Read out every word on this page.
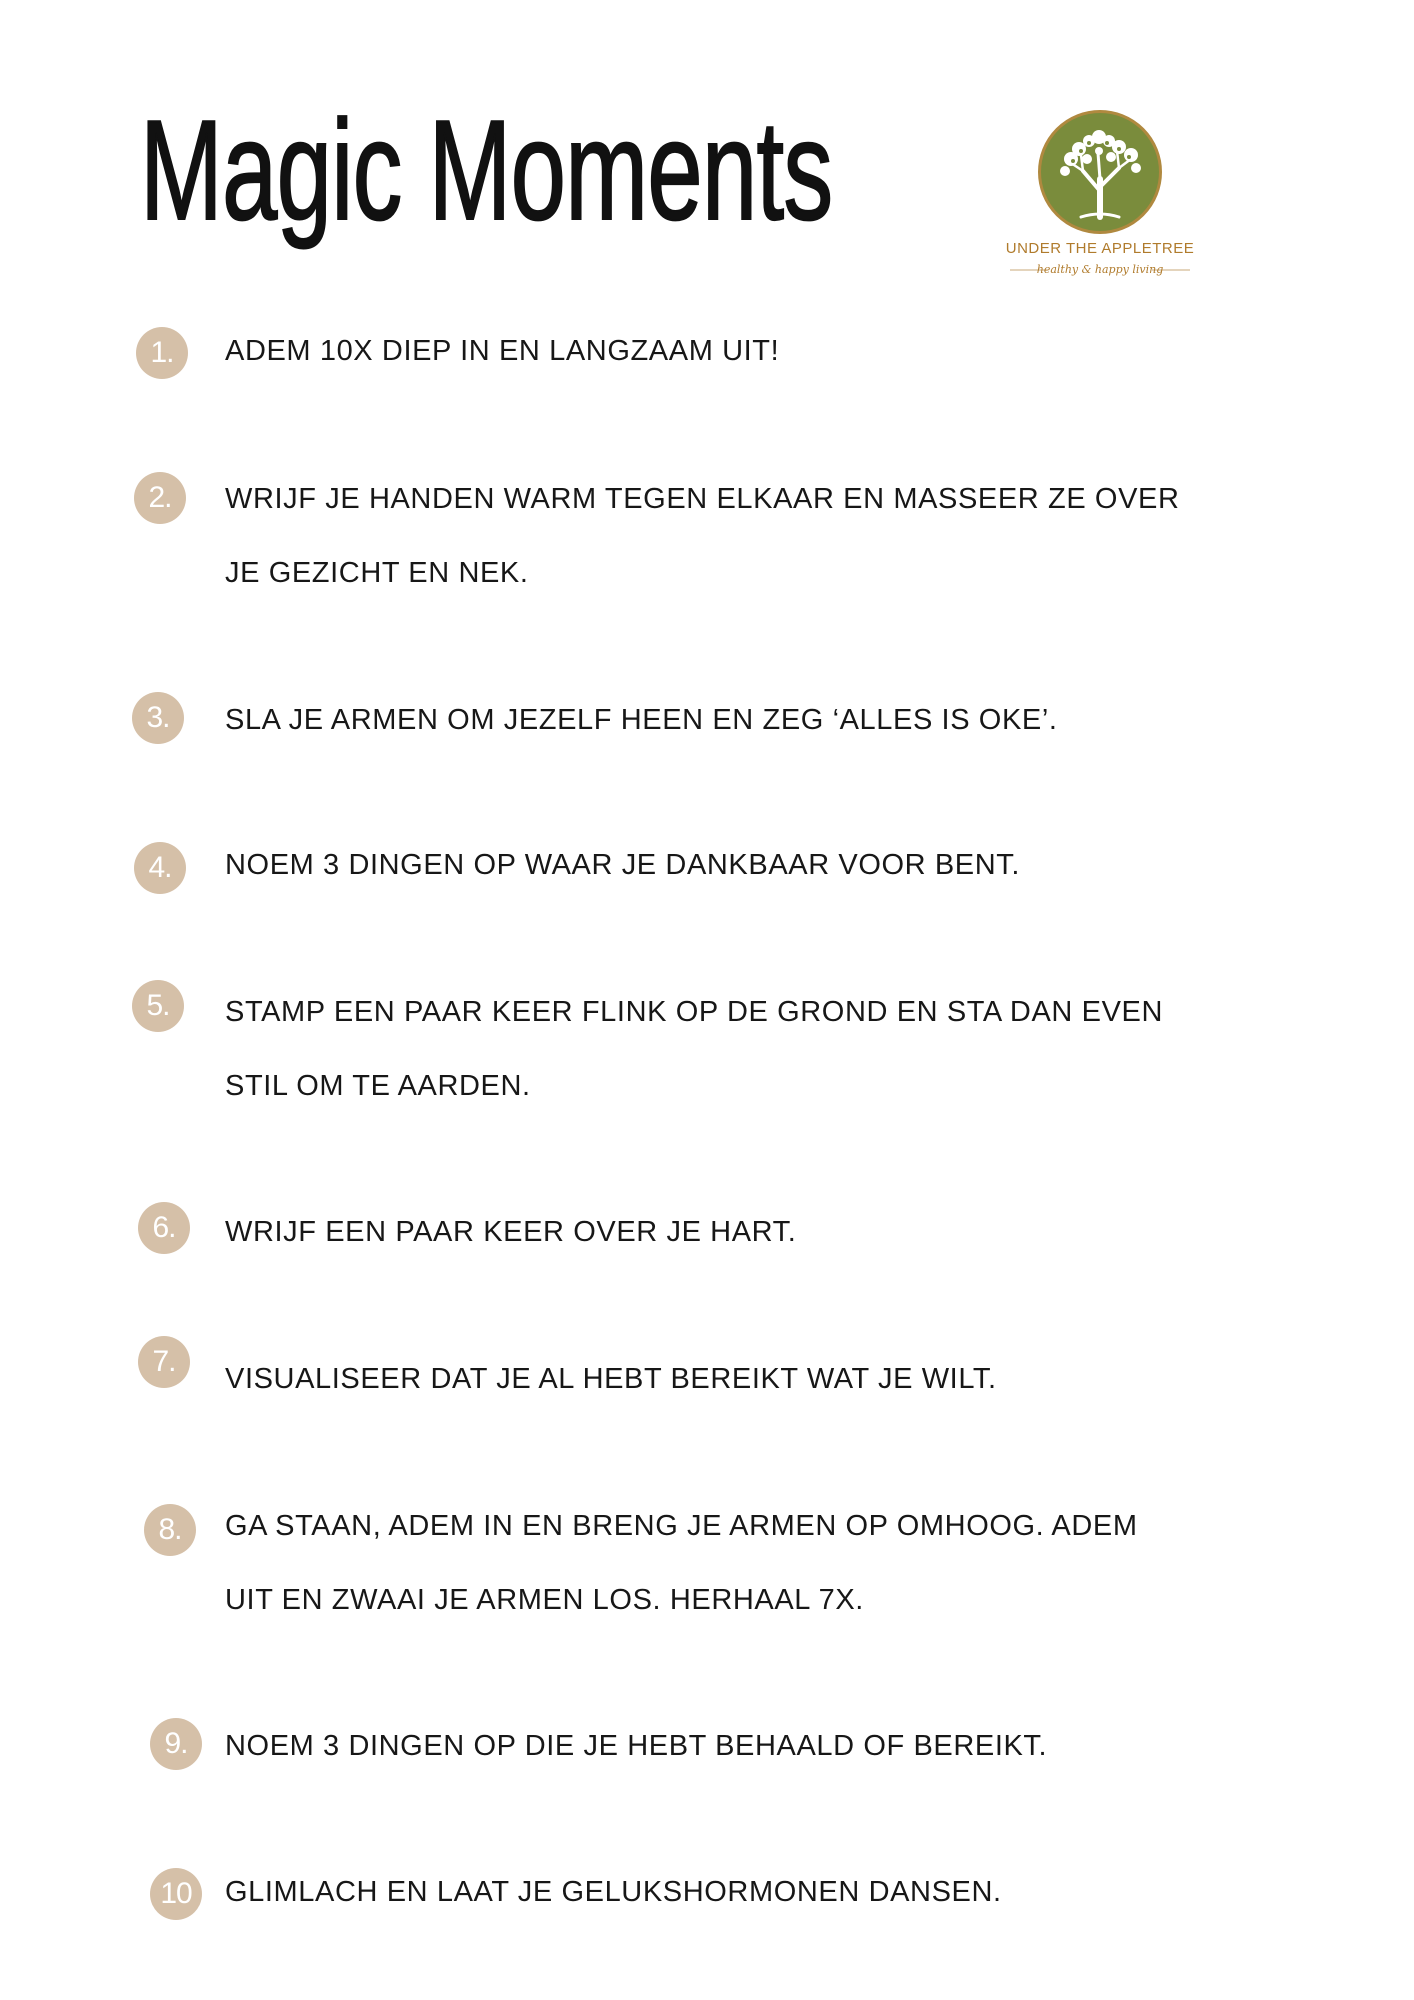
Magic Moments	UNDER THE APPLETREE
healthy & happy living
1.	ADEM 10X DIEP IN EN LANGZAAM UIT!
2.	WRIJF JE HANDEN WARM TEGEN ELKAAR EN MASSEER ZE OVER JE GEZICHT EN NEK.
3.	SLA JE ARMEN OM JEZELF HEEN EN ZEG ‘ALLES IS OKE’.
4.	NOEM 3 DINGEN OP WAAR JE DANKBAAR VOOR BENT.
5.	STAMP EEN PAAR KEER FLINK OP DE GROND EN STA DAN EVEN STIL OM TE AARDEN.
6.	WRIJF EEN PAAR KEER OVER JE HART.
7.
VISUALISEER DAT JE AL HEBT BEREIKT WAT JE WILT.
8.	GA STAAN, ADEM IN EN BRENG JE ARMEN OP OMHOOG. ADEM UIT EN ZWAAI JE ARMEN LOS. HERHAAL 7X.
9.	NOEM 3 DINGEN OP DIE JE HEBT BEHAALD OF BEREIKT.
10	GLIMLACH EN LAAT JE GELUKSHORMONEN DANSEN.
